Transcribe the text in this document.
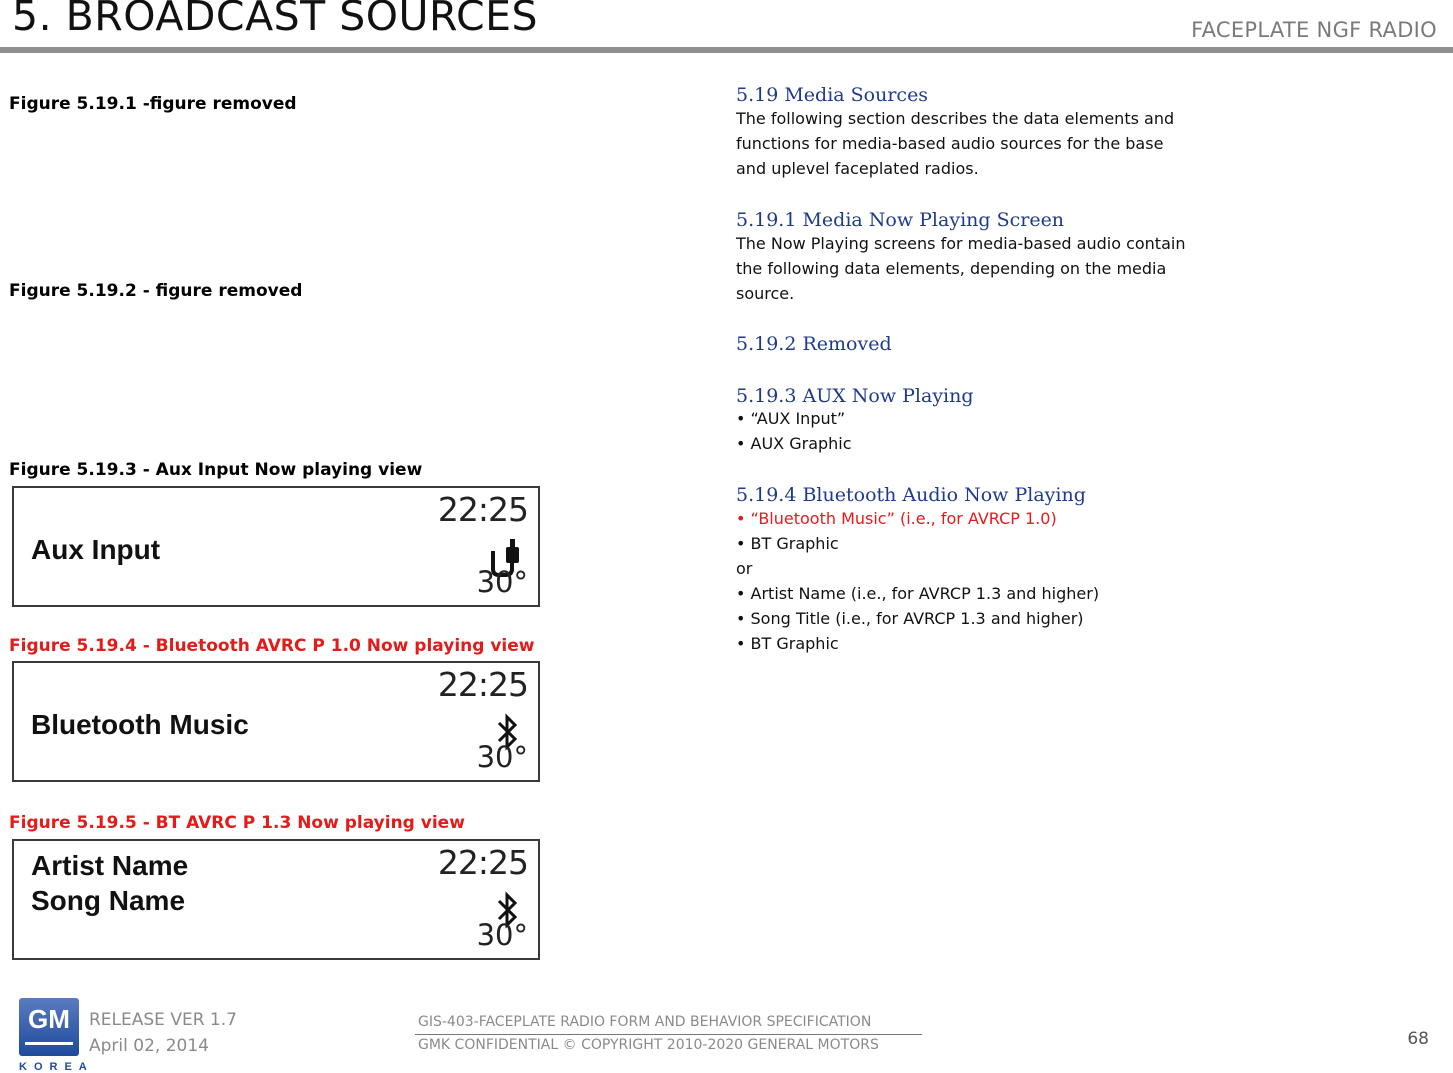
5. BROADCAST SOURCES	FACEPLATE NGF RADIO
Figure 5.19.1 -figure removed
Figure 5.19.2 - figure removed
Figure 5.19.3 - Aux Input Now playing view
Aux Input
22:25
30°
Figure 5.19.4 - Bluetooth AVRC P 1.0 Now playing view
Bluetooth Music
22:25
30°
Figure 5.19.5 - BT AVRC P 1.3 Now playing view
Artist Name
Song Name
22:25
30°
5.19 Media Sources
The following section describes the data elements and
functions for media-based audio sources for the base
and uplevel faceplated radios.
5.19.1 Media Now Playing Screen
The Now Playing screens for media-based audio contain
the following data elements, depending on the media
source.
5.19.2 Removed
5.19.3 AUX Now Playing
• “AUX Input”
• AUX Graphic
5.19.4 Bluetooth Audio Now Playing
• “Bluetooth Music” (i.e., for AVRCP 1.0)
• BT Graphic
or
• Artist Name (i.e., for AVRCP 1.3 and higher)
• Song Title (i.e., for AVRCP 1.3 and higher)
• BT Graphic
GM
KOREA
RELEASE VER 1.7
April 02, 2014
GIS-403-FACEPLATE RADIO FORM AND BEHAVIOR SPECIFICATION
GMK CONFIDENTIAL © COPYRIGHT 2010-2020 GENERAL MOTORS	68
